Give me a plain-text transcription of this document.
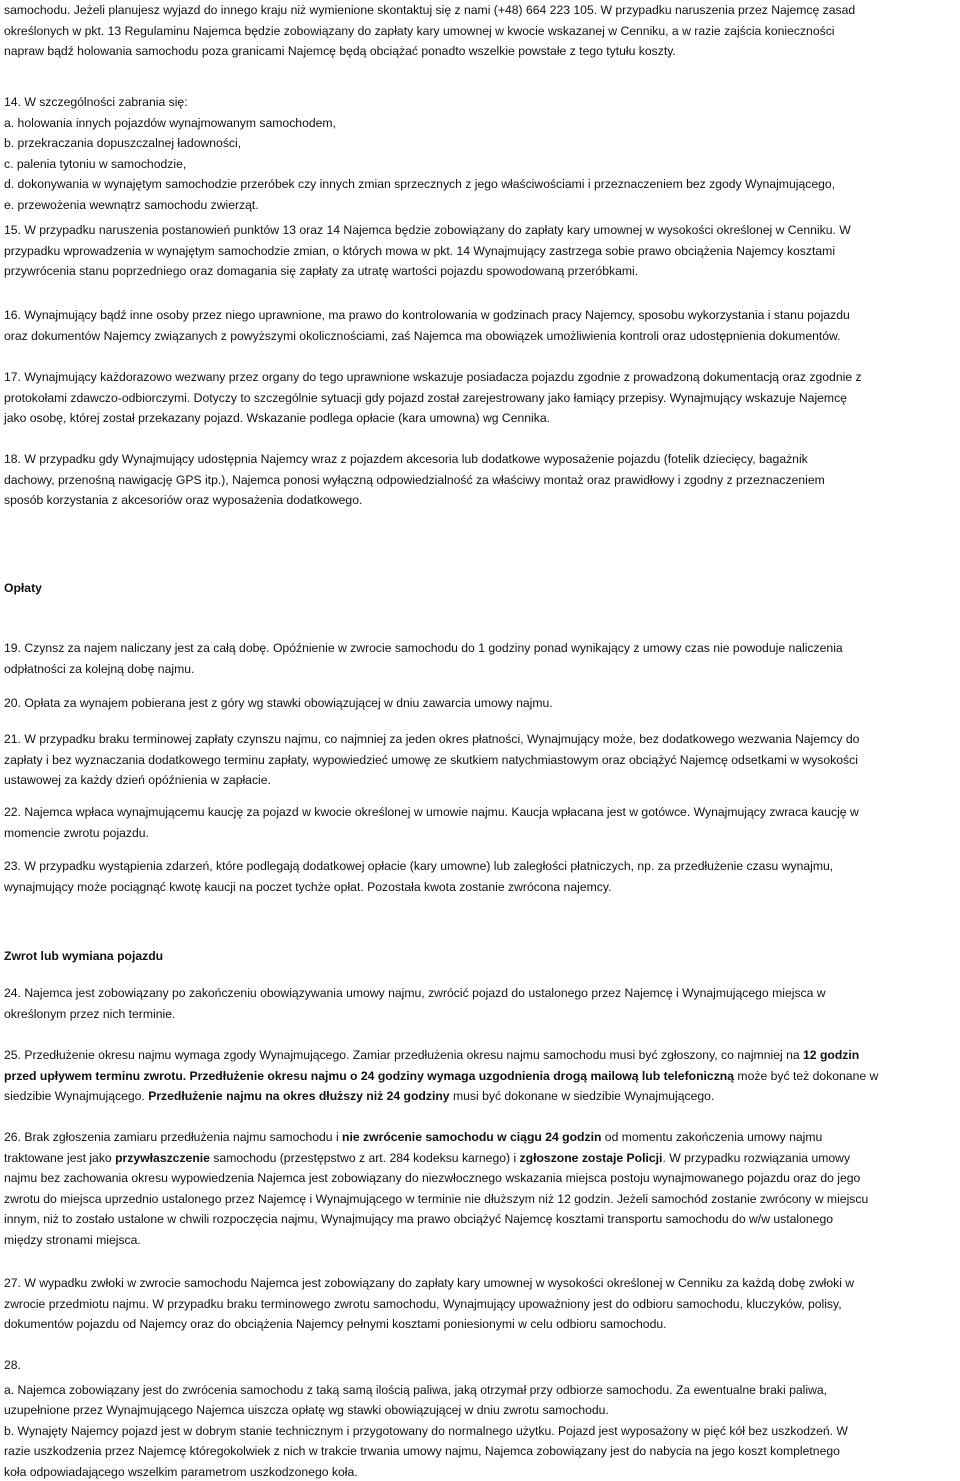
samochodu. Jeżeli planujesz wyjazd do innego kraju niż wymienione skontaktuj się z nami (+48) 664 223 105. W przypadku naruszenia przez Najemcę zasad

określonych w pkt. 13 Regulaminu Najemca będzie zobowiązany do zapłaty kary umownej w kwocie wskazanej w Cenniku, a w razie zajścia konieczności

napraw bądź holowania samochodu poza granicami Najemcę będą obciążać ponadto wszelkie powstałe z tego tytułu koszty.

14. W szczególności zabrania się:

a. holowania innych pojazdów wynajmowanym samochodem,

b. przekraczania dopuszczalnej ładowności,

c. palenia tytoniu w samochodzie,

d. dokonywania w wynajętym samochodzie przeróbek czy innych zmian sprzecznych z jego właściwościami i przeznaczeniem bez zgody Wynajmującego,

e. przewożenia wewnątrz samochodu zwierząt.

15. W przypadku naruszenia postanowień punktów 13 oraz 14 Najemca będzie zobowiązany do zapłaty kary umownej w wysokości określonej w Cenniku. W

przypadku wprowadzenia w wynajętym samochodzie zmian, o których mowa w pkt. 14 Wynajmujący zastrzega sobie prawo obciążenia Najemcy kosztami

przywrócenia stanu poprzedniego oraz domagania się zapłaty za utratę wartości pojazdu spowodowaną przeróbkami.

16. Wynajmujący bądź inne osoby przez niego uprawnione, ma prawo do kontrolowania w godzinach pracy Najemcy, sposobu wykorzystania i stanu pojazdu

oraz dokumentów Najemcy związanych z powyższymi okolicznościami, zaś Najemca ma obowiązek umożliwienia kontroli oraz udostępnienia dokumentów.

17. Wynajmujący każdorazowo wezwany przez organy do tego uprawnione wskazuje posiadacza pojazdu zgodnie z prowadzoną dokumentacją oraz zgodnie z

protokołami zdawczo-odbiorczymi. Dotyczy to szczególnie sytuacji gdy pojazd został zarejestrowany jako łamiący przepisy. Wynajmujący wskazuje Najemcę

jako osobę, której został przekazany pojazd. Wskazanie podlega opłacie (kara umowna) wg Cennika.

18. W przypadku gdy Wynajmujący udostępnia Najemcy wraz z pojazdem akcesoria lub dodatkowe wyposażenie pojazdu (fotelik dziecięcy, bagażnik

dachowy, przenośną nawigację GPS itp.), Najemca ponosi wyłączną odpowiedzialność za właściwy montaż oraz prawidłowy i zgodny z przeznaczeniem

sposób korzystania z akcesoriów oraz wyposażenia dodatkowego.

Opłaty

19. Czynsz za najem naliczany jest za całą dobę. Opóźnienie w zwrocie samochodu do 1 godziny ponad wynikający z umowy czas nie powoduje naliczenia

odpłatności za kolejną dobę najmu.

20. Opłata za wynajem pobierana jest z góry wg stawki obowiązującej w dniu zawarcia umowy najmu.

21. W przypadku braku terminowej zapłaty czynszu najmu, co najmniej za jeden okres płatności, Wynajmujący może, bez dodatkowego wezwania Najemcy do

zapłaty i bez wyznaczania dodatkowego terminu zapłaty, wypowiedzieć umowę ze skutkiem natychmiastowym oraz obciążyć Najemcę odsetkami w wysokości

ustawowej za każdy dzień opóźnienia w zapłacie.

22. Najemca wpłaca wynajmującemu kaucję za pojazd w kwocie określonej w umowie najmu. Kaucja wpłacana jest w gotówce. Wynajmujący zwraca kaucję w

momencie zwrotu pojazdu.

23. W przypadku wystąpienia zdarzeń, które podlegają dodatkowej opłacie (kary umowne) lub zaległości płatniczych, np. za przedłużenie czasu wynajmu,

wynajmujący może pociągnąć kwotę kaucji na poczet tychże opłat. Pozostała kwota zostanie zwrócona najemcy.

Zwrot lub wymiana pojazdu

24. Najemca jest zobowiązany po zakończeniu obowiązywania umowy najmu, zwrócić pojazd do ustalonego przez Najemcę i Wynajmującego miejsca w

określonym przez nich terminie.

25. Przedłużenie okresu najmu wymaga zgody Wynajmującego. Zamiar przedłużenia okresu najmu samochodu musi być zgłoszony, co najmniej na 12 godzin

przed upływem terminu zwrotu. Przedłużenie okresu najmu o 24 godziny wymaga uzgodnienia drogą mailową lub telefoniczną może być też dokonane w

siedzibie Wynajmującego. Przedłużenie najmu na okres dłuższy niż 24 godziny musi być dokonane w siedzibie Wynajmującego.

26. Brak zgłoszenia zamiaru przedłużenia najmu samochodu i nie zwrócenie samochodu w ciągu 24 godzin od momentu zakończenia umowy najmu

traktowane jest jako przywłaszczenie samochodu (przestępstwo z art. 284 kodeksu karnego) i zgłoszone zostaje Policji. W przypadku rozwiązania umowy

najmu bez zachowania okresu wypowiedzenia Najemca jest zobowiązany do niezwłocznego wskazania miejsca postoju wynajmowanego pojazdu oraz do jego

zwrotu do miejsca uprzednio ustalonego przez Najemcę i Wynajmującego w terminie nie dłuższym niż 12 godzin. Jeżeli samochód zostanie zwrócony w miejscu

innym, niż to zostało ustalone w chwili rozpoczęcia najmu, Wynajmujący ma prawo obciążyć Najemcę kosztami transportu samochodu do w/w ustalonego

między stronami miejsca.

27. W wypadku zwłoki w zwrocie samochodu Najemca jest zobowiązany do zapłaty kary umownej w wysokości określonej w Cenniku za każdą dobę zwłoki w

zwrocie przedmiotu najmu. W przypadku braku terminowego zwrotu samochodu, Wynajmujący upoważniony jest do odbioru samochodu, kluczyków, polisy,

dokumentów pojazdu od Najemcy oraz do obciążenia Najemcy pełnymi kosztami poniesionymi w celu odbioru samochodu.

28.

a. Najemca zobowiązany jest do zwrócenia samochodu z taką samą ilością paliwa, jaką otrzymał przy odbiorze samochodu. Za ewentualne braki paliwa,

uzupełnione przez Wynajmującego Najemca uiszcza opłatę wg stawki obowiązującej w dniu zwrotu samochodu.

b. Wynajęty Najemcy pojazd jest w dobrym stanie technicznym i przygotowany do normalnego użytku. Pojazd jest wyposażony w pięć kół bez uszkodzeń. W

razie uszkodzenia przez Najemcę któregokolwiek z nich w trakcie trwania umowy najmu, Najemca zobowiązany jest do nabycia na jego koszt kompletnego

koła odpowiadającego wszelkim parametrom uszkodzonego koła.
